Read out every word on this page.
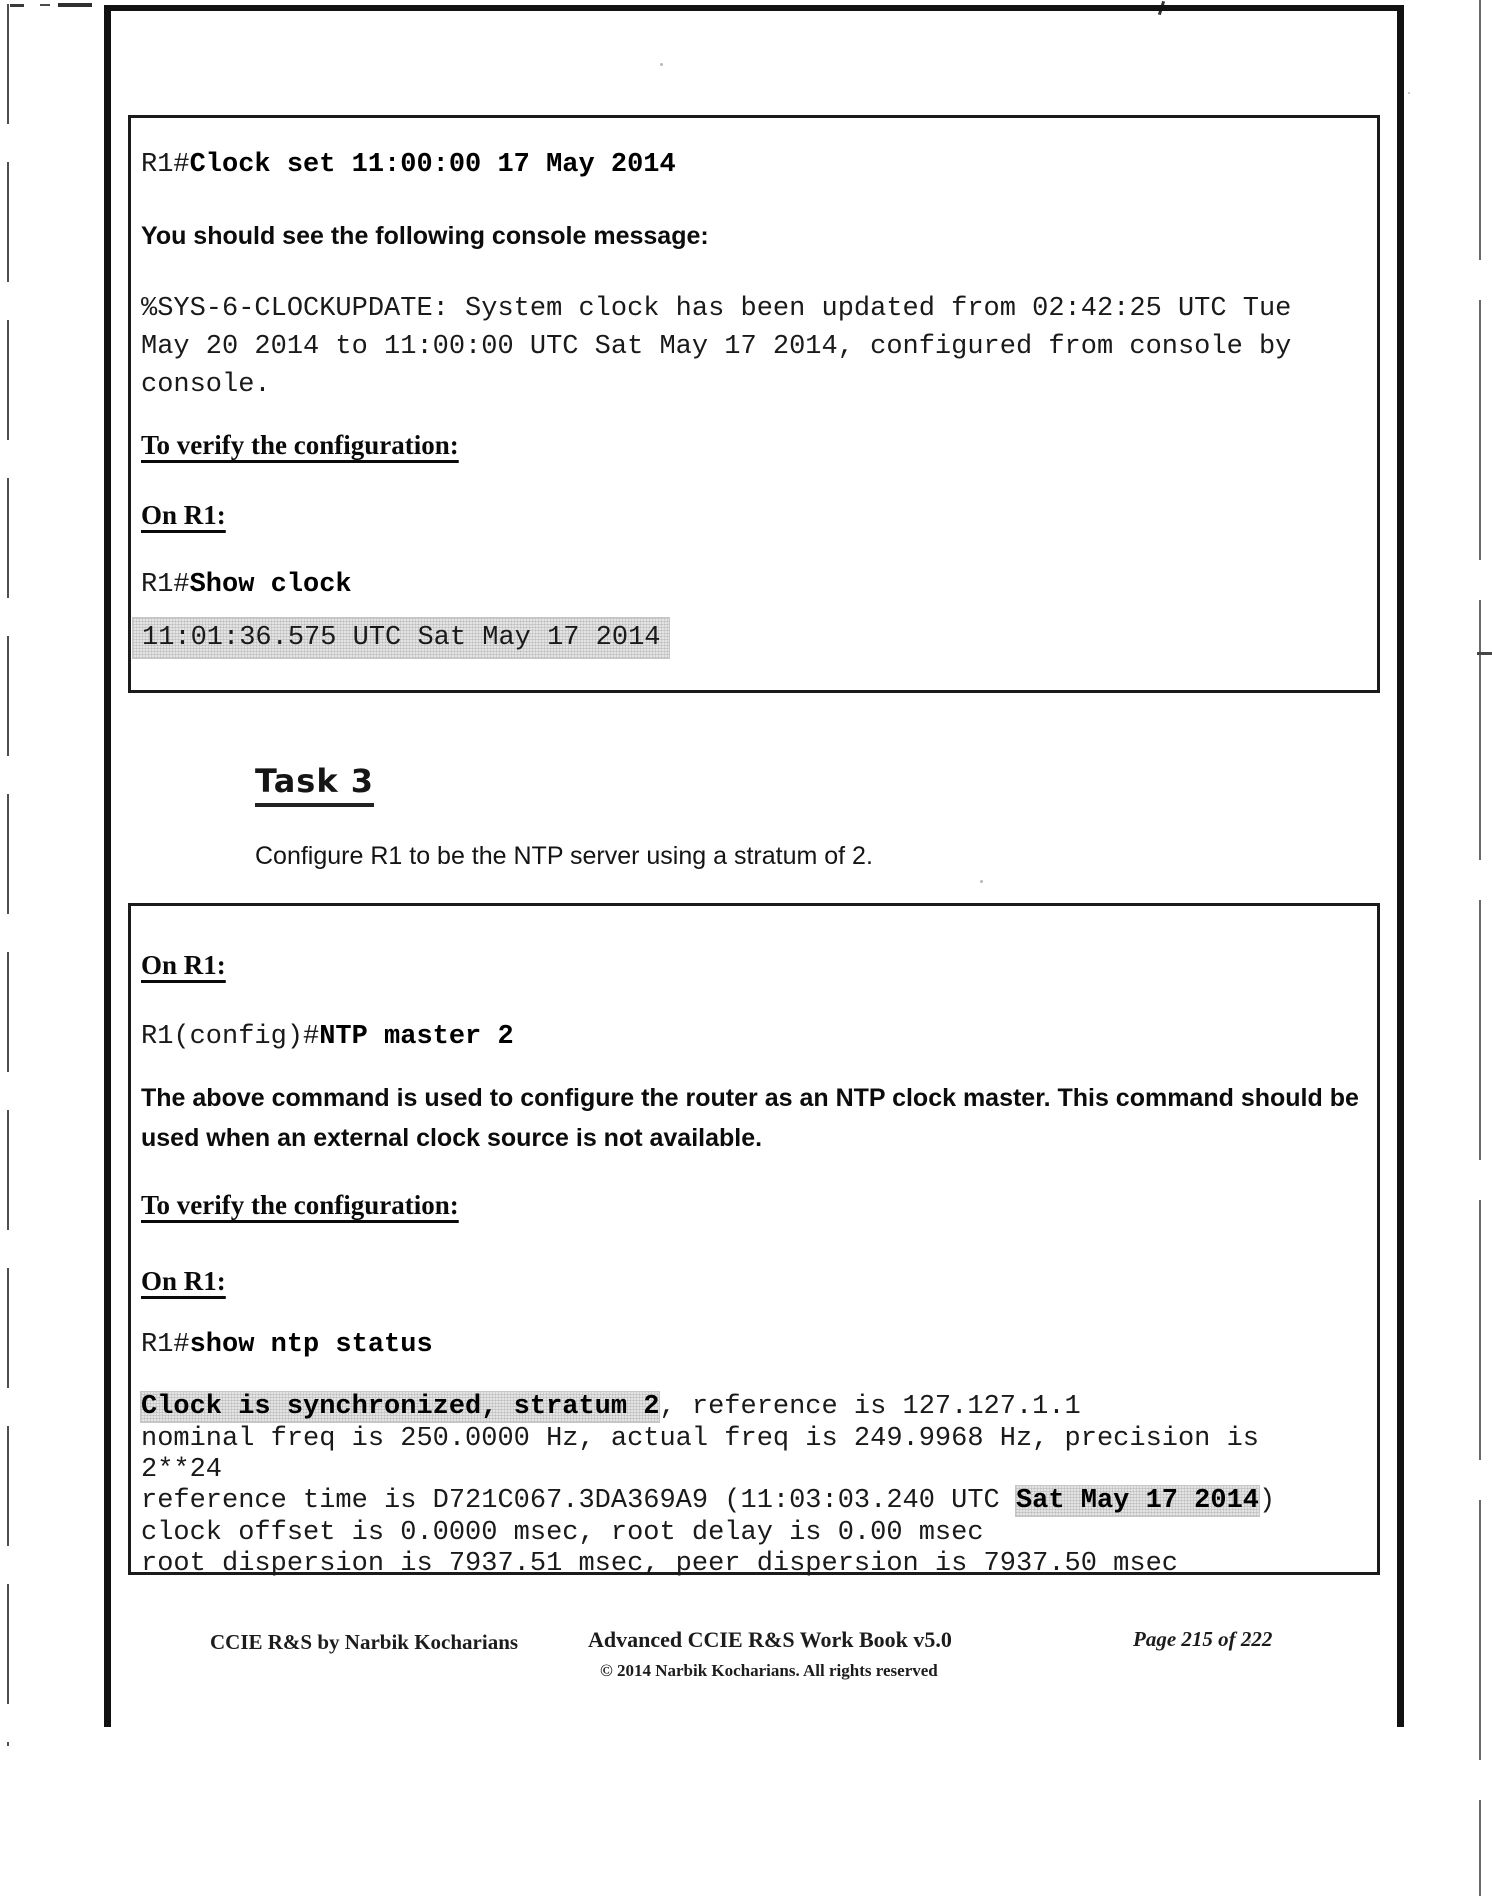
R1#Clock set 11:00:00 17 May 2014
You should see the following console message:
%SYS-6-CLOCKUPDATE: System clock has been updated from 02:42:25 UTC Tue
May 20 2014 to 11:00:00 UTC Sat May 17 2014, configured from console by
console.
To verify the configuration:
On R1:
R1#Show clock
11:01:36.575 UTC Sat May 17 2014
Task 3
Configure R1 to be the NTP server using a stratum of 2.
On R1:
R1(config)#NTP master 2
The above command is used to configure the router as an NTP clock master. This command should be
used when an external clock source is not available.
To verify the configuration:
On R1:
R1#show ntp status
Clock is synchronized, stratum 2, reference is 127.127.1.1
nominal freq is 250.0000 Hz, actual freq is 249.9968 Hz, precision is
2**24
reference time is D721C067.3DA369A9 (11:03:03.240 UTC Sat May 17 2014)
clock offset is 0.0000 msec, root delay is 0.00 msec
root dispersion is 7937.51 msec, peer dispersion is 7937.50 msec
CCIE R&S by Narbik Kocharians	Advanced CCIE R&S Work Book v5.0
© 2014 Narbik Kocharians. All rights reserved
Page 215 of 222
